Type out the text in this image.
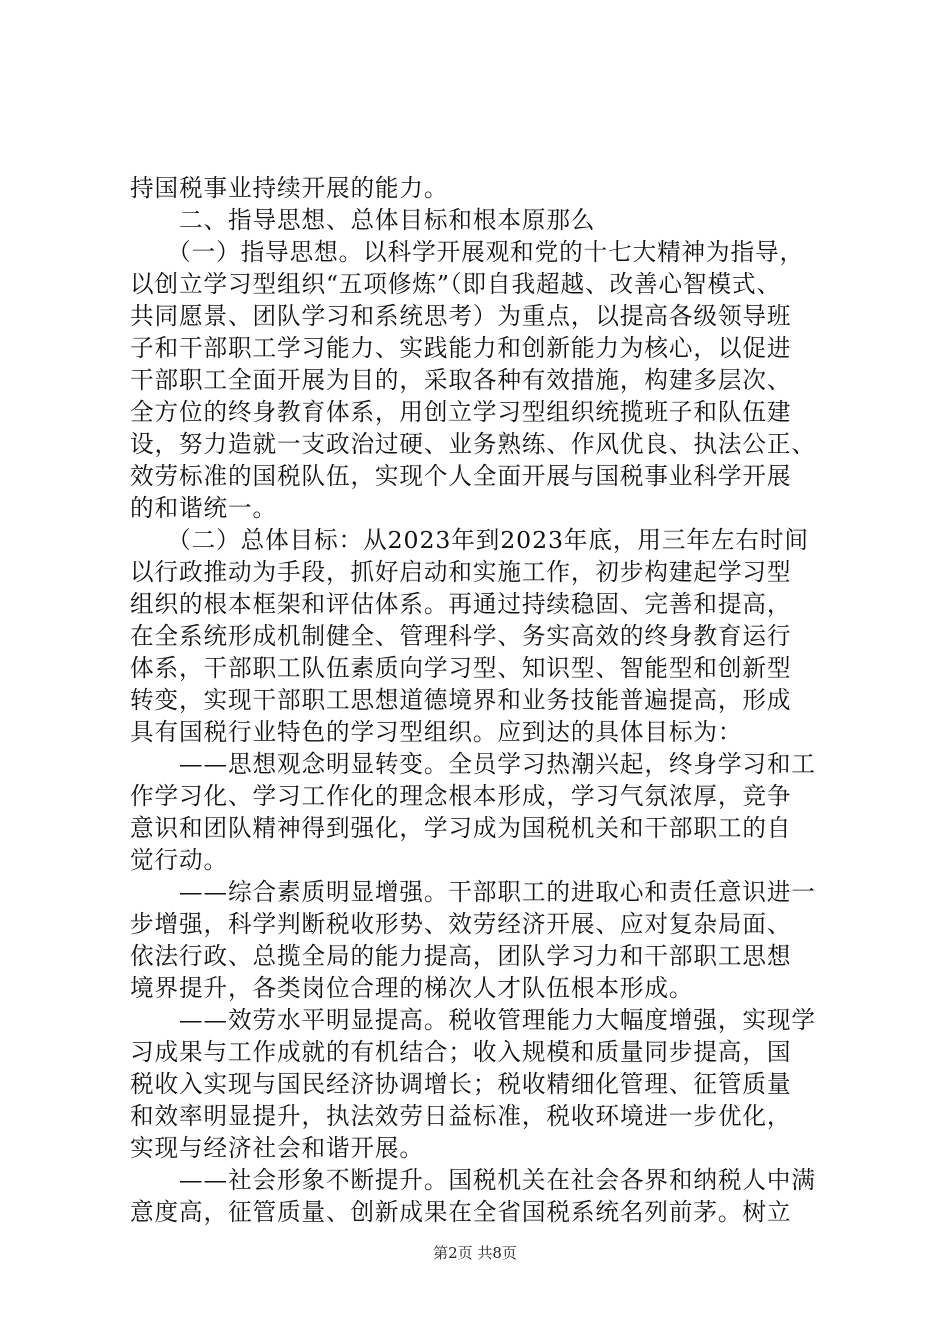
持国税事业持续开展的能力。
　　二、指导思想、总体目标和根本原那么
　　（一）指导思想。以科学开展观和党的十七大精神为指导，
以创立学习型组织“五项修炼”（即自我超越、改善心智模式、
共同愿景、团队学习和系统思考）为重点，以提高各级领导班
子和干部职工学习能力、实践能力和创新能力为核心，以促进
干部职工全面开展为目的，采取各种有效措施，构建多层次、
全方位的终身教育体系，用创立学习型组织统揽班子和队伍建
设，努力造就一支政治过硬、业务熟练、作风优良、执法公正、
效劳标准的国税队伍，实现个人全面开展与国税事业科学开展
的和谐统一。
　　（二）总体目标：从2023年到2023年底，用三年左右时间
以行政推动为手段，抓好启动和实施工作，初步构建起学习型
组织的根本框架和评估体系。再通过持续稳固、完善和提高，
在全系统形成机制健全、管理科学、务实高效的终身教育运行
体系，干部职工队伍素质向学习型、知识型、智能型和创新型
转变，实现干部职工思想道德境界和业务技能普遍提高，形成
具有国税行业特色的学习型组织。应到达的具体目标为：
　　——思想观念明显转变。全员学习热潮兴起，终身学习和工
作学习化、学习工作化的理念根本形成，学习气氛浓厚，竞争
意识和团队精神得到强化，学习成为国税机关和干部职工的自
觉行动。
　　——综合素质明显增强。干部职工的进取心和责任意识进一
步增强，科学判断税收形势、效劳经济开展、应对复杂局面、
依法行政、总揽全局的能力提高，团队学习力和干部职工思想
境界提升，各类岗位合理的梯次人才队伍根本形成。
　　——效劳水平明显提高。税收管理能力大幅度增强，实现学
习成果与工作成就的有机结合；收入规模和质量同步提高，国
税收入实现与国民经济协调增长；税收精细化管理、征管质量
和效率明显提升，执法效劳日益标准，税收环境进一步优化，
实现与经济社会和谐开展。
　　——社会形象不断提升。国税机关在社会各界和纳税人中满
意度高，征管质量、创新成果在全省国税系统名列前茅。树立
第2页 共8页
